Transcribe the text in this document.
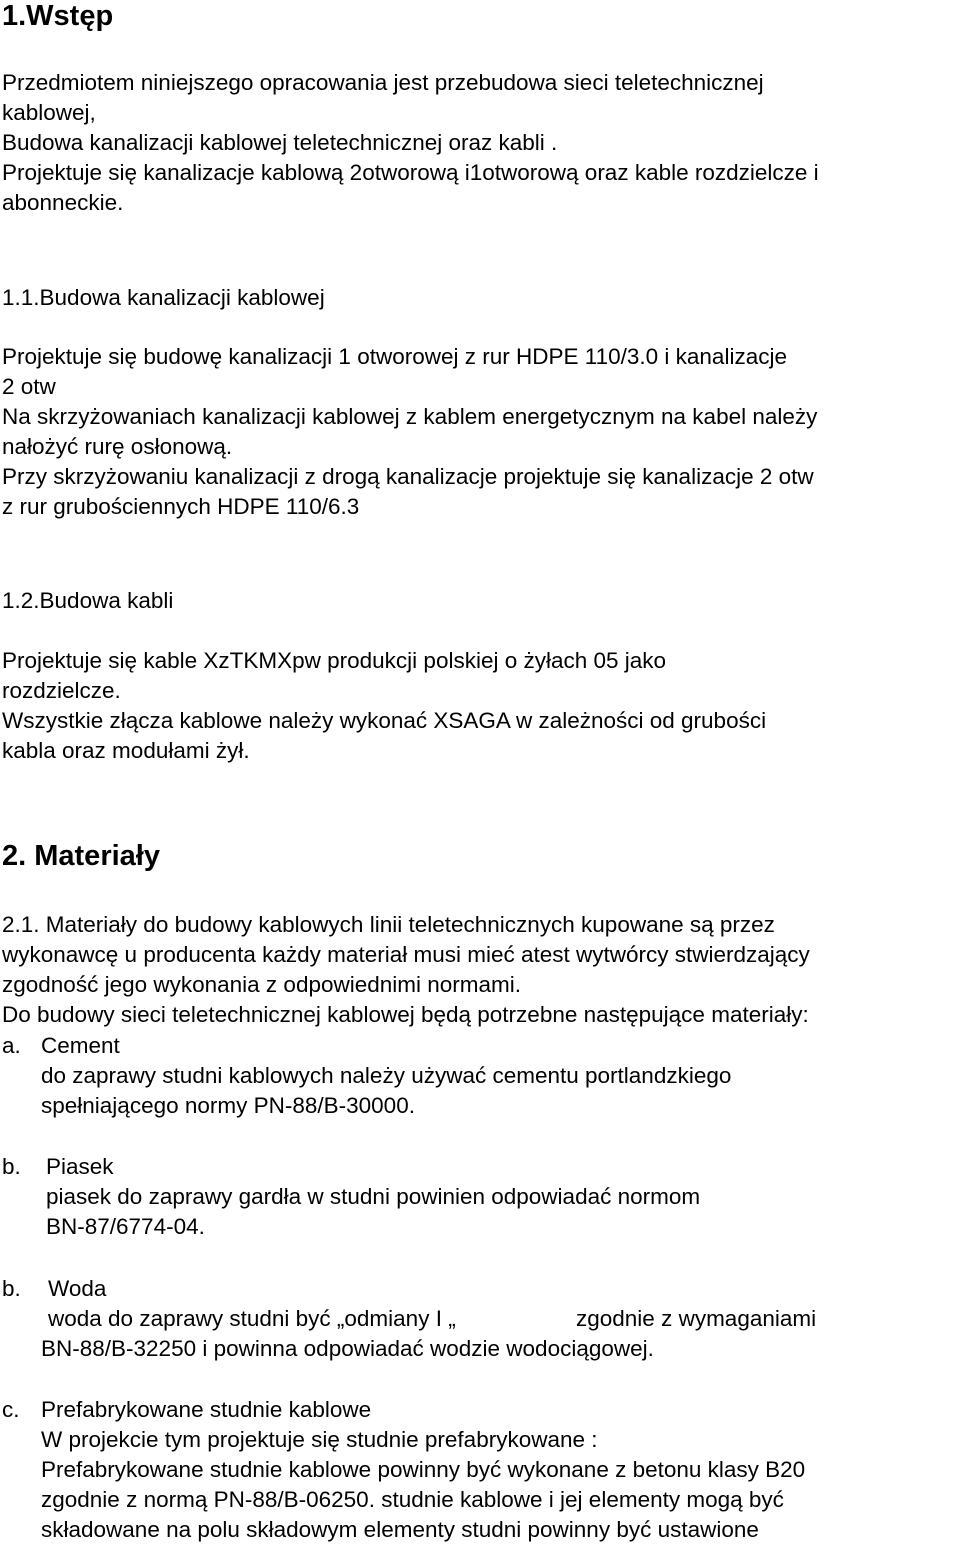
1.Wstęp
Przedmiotem niniejszego opracowania jest przebudowa sieci teletechnicznej
kablowej,
Budowa kanalizacji kablowej teletechnicznej oraz kabli .
Projektuje się kanalizacje kablową 2otworową i1otworową oraz kable rozdzielcze i
abonneckie.
1.1.Budowa kanalizacji kablowej
Projektuje się budowę kanalizacji 1 otworowej z rur HDPE 110/3.0 i kanalizacje
2 otw
Na skrzyżowaniach kanalizacji kablowej z kablem energetycznym na kabel należy
nałożyć rurę osłonową.
Przy skrzyżowaniu kanalizacji z drogą kanalizacje projektuje się kanalizacje 2 otw
z rur grubościennych HDPE 110/6.3
1.2.Budowa kabli
Projektuje się kable XzTKMXpw produkcji polskiej o żyłach 05 jako
rozdzielcze.
Wszystkie złącza kablowe należy wykonać XSAGA w zależności od grubości
kabla oraz modułami żył.
2. Materiały
2.1. Materiały do budowy kablowych linii teletechnicznych kupowane są przez
wykonawcę u producenta każdy materiał musi mieć atest wytwórcy stwierdzający
zgodność jego wykonania z odpowiednimi normami.
Do budowy sieci teletechnicznej kablowej będą potrzebne następujące materiały:
a. Cement
do zaprawy studni kablowych należy używać cementu portlandzkiego
spełniającego normy PN-88/B-30000.
b. Piasek
piasek do zaprawy gardła w studni powinien odpowiadać normom
BN-87/6774-04.
b. Woda
woda do zaprawy studni być „odmiany I „	zgodnie z wymaganiami
BN-88/B-32250 i powinna odpowiadać wodzie wodociągowej.
c. Prefabrykowane studnie kablowe
W projekcie tym projektuje się studnie prefabrykowane :
Prefabrykowane studnie kablowe powinny być wykonane z betonu klasy B20
zgodnie z normą PN-88/B-06250. studnie kablowe i jej elementy mogą być
składowane na polu składowym elementy studni powinny być ustawione
